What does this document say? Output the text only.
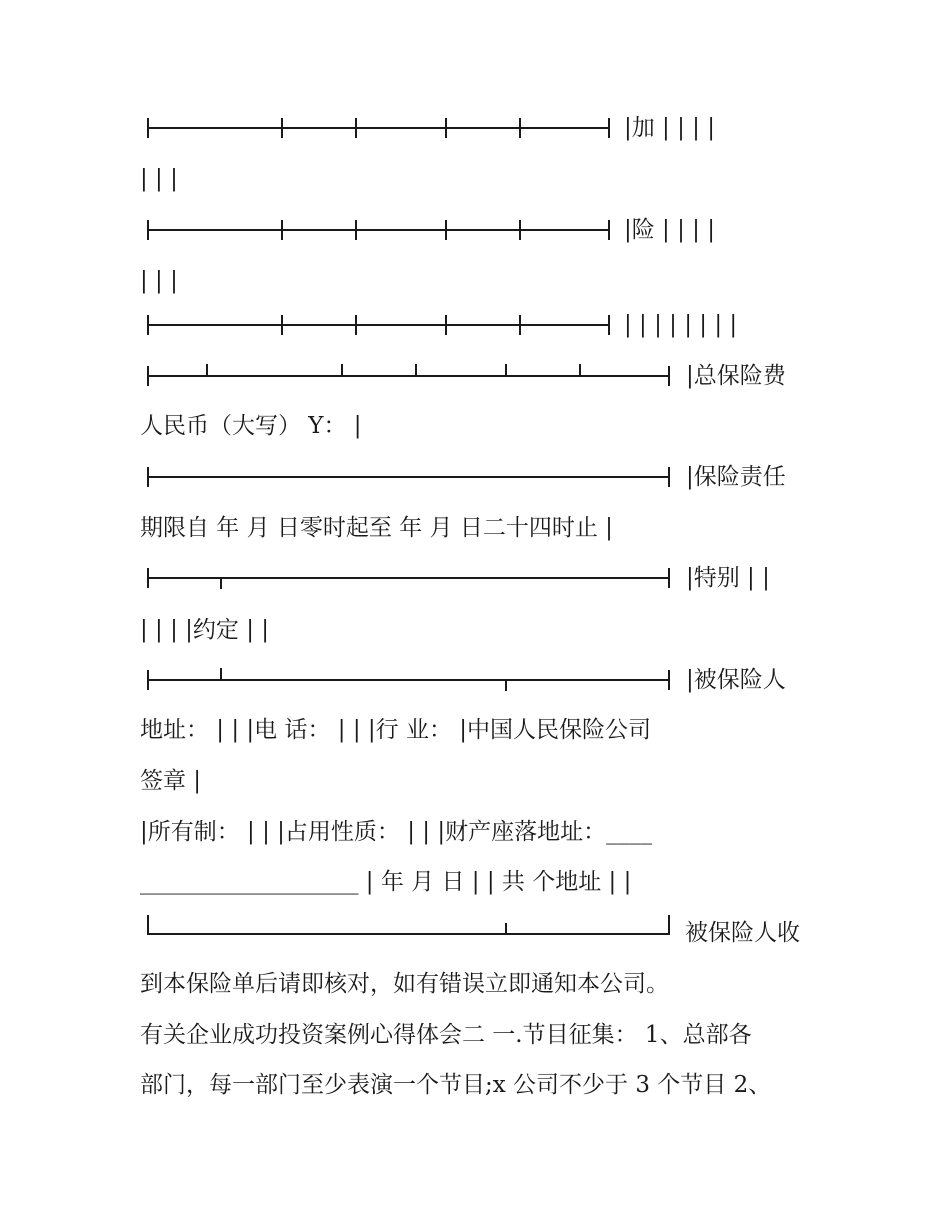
|加 | | | |
| | |
|险 | | | |
| | |
| | | | | | | |
|总保险费
人民币（大写） Y： |
|保险责任
期限自 年 月 日零时起至 年 月 日二十四时止 |
|特别 | |
| | | |约定 | |
|被保险人
地址： | | |电 话： | | |行 业： |中国人民保险公司
签章 |
|所有制： | | |占用性质： | | |财产座落地址：____
___________________ | 年 月 日 | | 共 个地址 | |
被保险人收
到本保险单后请即核对，如有错误立即通知本公司。
有关企业成功投资案例心得体会二 一.节目征集： 1、总部各
部门，每一部门至少表演一个节目;x 公司不少于 3 个节目 2、
